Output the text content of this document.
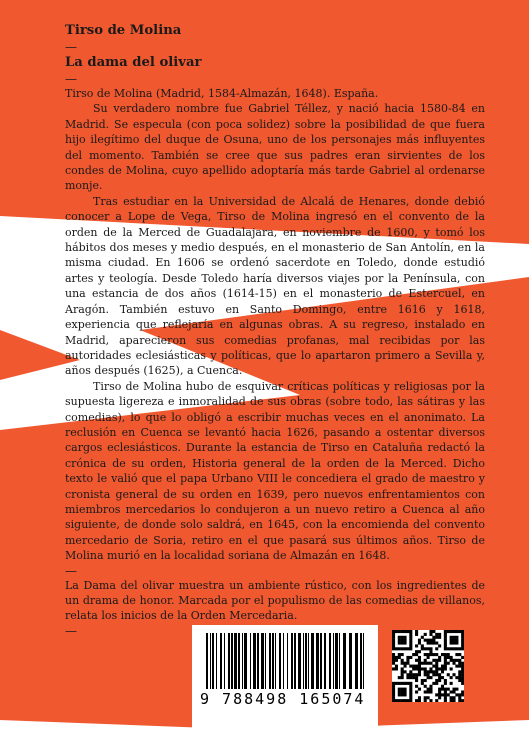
Tirso de Molina
—
La dama del olivar
—

Tirso de Molina (Madrid, 1584-Almazán, 1648). España.

Su verdadero nombre fue Gabriel Téllez, y nació hacia 1580-84 en Madrid. Se especula (con poca solidez) sobre la posibilidad de que fuera hijo ilegítimo del duque de Osuna, uno de los personajes más influyentes del momento. También se cree que sus padres eran sirvientes de los condes de Molina, cuyo apellido adoptaría más tarde Gabriel al ordenarse monje.

Tras estudiar en la Universidad de Alcalá de Henares, donde debió conocer a Lope de Vega, Tirso de Molina ingresó en el convento de la orden de la Merced de Guadalajara, en noviembre de 1600, y tomó los hábitos dos meses y medio después, en el monasterio de San Antolín, en la misma ciudad. En 1606 se ordenó sacerdote en Toledo, donde estudió artes y teología. Desde Toledo haría diversos viajes por la Península, con una estancia de dos años (1614-15) en el monasterio de Estercuel, en Aragón. También estuvo en Santo Domingo, entre 1616 y 1618, experiencia que reflejaría en algunas obras. A su regreso, instalado en Madrid, aparecieron sus comedias profanas, mal recibidas por las autoridades eclesiásticas y políticas, que lo apartaron primero a Sevilla y, años después (1625), a Cuenca.

Tirso de Molina hubo de esquivar críticas políticas y religiosas por la supuesta ligereza e inmoralidad de sus obras (sobre todo, las sátiras y las comedias), lo que lo obligó a escribir muchas veces en el anonimato. La reclusión en Cuenca se levantó hacia 1626, pasando a ostentar diversos cargos eclesiásticos. Durante la estancia de Tirso en Cataluña redactó la crónica de su orden, Historia general de la orden de la Merced. Dicho texto le valió que el papa Urbano VIII le concediera el grado de maestro y cronista general de su orden en 1639, pero nuevos enfrentamientos con miembros mercedarios lo condujeron a un nuevo retiro a Cuenca al año siguiente, de donde solo saldrá, en 1645, con la encomienda del convento mercedario de Soria, retiro en el que pasará sus últimos años. Tirso de Molina murió en la localidad soriana de Almazán en 1648.

—

La Dama del olivar muestra un ambiente rústico, con los ingredientes de un drama de honor. Marcada por el populismo de las comedias de villanos, relata los inicios de la Orden Mercedaria.

—
9 788498 165074
